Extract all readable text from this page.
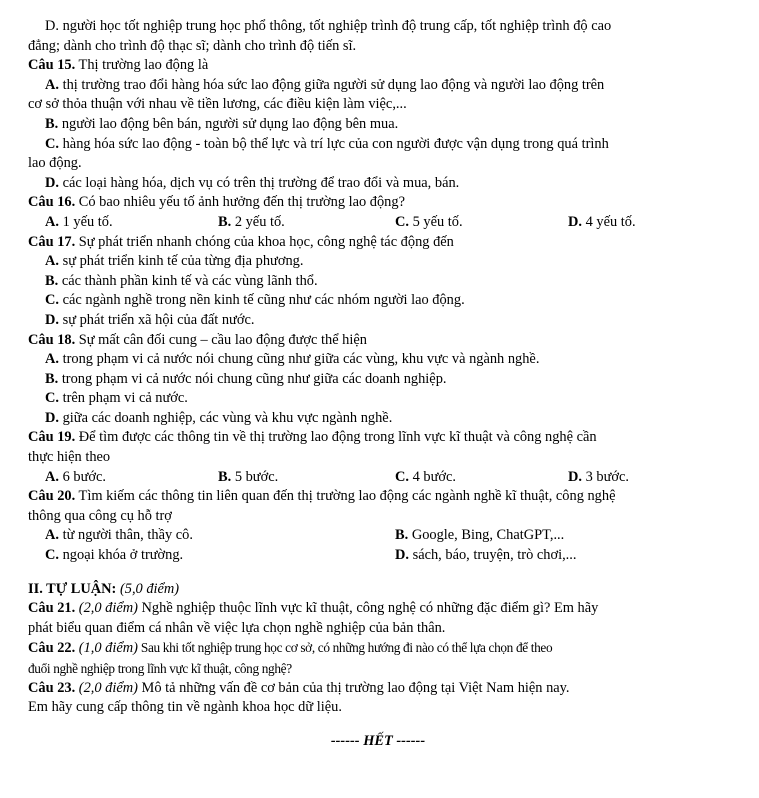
D. người học tốt nghiệp trung học phổ thông, tốt nghiệp trình độ trung cấp, tốt nghiệp trình độ cao
đẳng; dành cho trình độ thạc sĩ; dành cho trình độ tiến sĩ.
Câu 15. Thị trường lao động là
A. thị trường trao đổi hàng hóa sức lao động giữa người sử dụng lao động và người lao động trên
cơ sở thỏa thuận với nhau về tiền lương, các điều kiện làm việc,...
B. người lao động bên bán, người sử dụng lao động bên mua.
C. hàng hóa sức lao động - toàn bộ thể lực và trí lực của con người được vận dụng trong quá trình
lao động.
D. các loại hàng hóa, dịch vụ có trên thị trường để trao đổi và mua, bán.
Câu 16. Có bao nhiêu yếu tố ảnh hưởng đến thị trường lao động?
A. 1 yếu tố.	B. 2 yếu tố.	C. 5 yếu tố.	D. 4 yếu tố.
Câu 17. Sự phát triển nhanh chóng của khoa học, công nghệ tác động đến
A. sự phát triển kinh tế của từng địa phương.
B. các thành phần kinh tế và các vùng lãnh thổ.
C. các ngành nghề trong nền kinh tế cũng như các nhóm người lao động.
D. sự phát triển xã hội của đất nước.
Câu 18. Sự mất cân đối cung – cầu lao động được thể hiện
A. trong phạm vi cả nước nói chung cũng như giữa các vùng, khu vực và ngành nghề.
B. trong phạm vi cả nước nói chung cũng như giữa các doanh nghiệp.
C. trên phạm vi cả nước.
D. giữa các doanh nghiệp, các vùng và khu vực ngành nghề.
Câu 19. Để tìm được các thông tin về thị trường lao động trong lĩnh vực kĩ thuật và công nghệ cần
thực hiện theo
A. 6 bước.	B. 5 bước.	C. 4 bước.	D. 3 bước.
Câu 20. Tìm kiếm các thông tin liên quan đến thị trường lao động các ngành nghề kĩ thuật, công nghệ
thông qua công cụ hỗ trợ
A. từ người thân, thầy cô.	B. Google, Bing, ChatGPT,...
C. ngoại khóa ở trường.	D. sách, báo, truyện, trò chơi,...
II. TỰ LUẬN: (5,0 điểm)
Câu 21. (2,0 điểm) Nghề nghiệp thuộc lĩnh vực kĩ thuật, công nghệ có những đặc điểm gì? Em hãy
phát biểu quan điểm cá nhân về việc lựa chọn nghề nghiệp của bản thân.
Câu 22. (1,0 điểm) Sau khi tốt nghiệp trung học cơ sở, có những hướng đi nào có thể lựa chọn để theo
đuổi nghề nghiệp trong lĩnh vực kĩ thuật, công nghệ?
Câu 23. (2,0 điểm) Mô tả những vấn đề cơ bản của thị trường lao động tại Việt Nam hiện nay.
Em hãy cung cấp thông tin về ngành khoa học dữ liệu.
------ HẾT ------
